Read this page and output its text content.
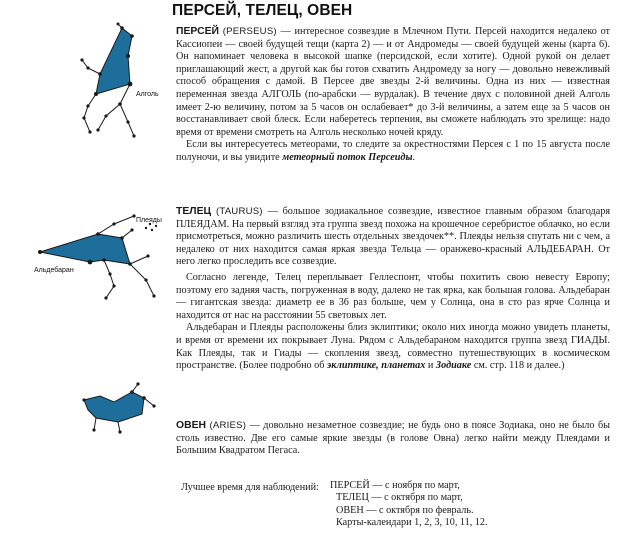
ПЕРСЕЙ, ТЕЛЕЦ, ОВЕН
Алголь
Плеяды
Альдебаран

ПЕРСЕЙ (PERSEUS) — интересное созвездие в Млечном Пути. Персей находится недалеко от Кассиопеи — своей будущей тещи (карта 2) — и от Андромеды — своей будущей жены (карта 6). Он напоминает человека в высокой шапке (персидской, если хотите). Одной рукой он делает приглашающий жест, а другой как бы готов схватить Андромеду за ногу — довольно невежливый способ обращения с дамой. В Персее две звезды 2-й величины. Одна из них — известная переменная звезда АЛГОЛЬ (по-арабски — вурдалак). В течение двух с половиной дней Алголь имеет 2-ю величину, потом за 5 часов он ослабевает* до 3-й величины, а затем еще за 5 часов он восстанавливает свой блеск. Если наберетесь терпения, вы сможете наблюдать это зрелище: надо время от времени смотреть на Алголь несколько ночей кряду.

Если вы интересуетесь метеорами, то следите за окрестностями Персея с 1 по 15 августа после полуночи, и вы увидите метеорный поток Персеиды.

ТЕЛЕЦ (TAURUS) — большое зодиакальное созвездие, известное главным образом благодаря ПЛЕЯДАМ. На первый взгляд эта группа звезд похожа на крошечное серебристое облачко, но если присмотреться, можно различить шесть отдельных звездочек**. Плеяды нельзя спутать ни с чем, а недалеко от них находится самая яркая звезда Тельца — оранжево-красный АЛЬДЕБАРАН. От него легко проследить все созвездие.

Согласно легенде, Телец переплывает Геллеспонт, чтобы похитить свою невесту Европу; поэтому его задняя часть, погруженная в воду, далеко не так ярка, как большая голова. Альдебаран — гигантская звезда: диаметр ее в 36 раз больше, чем у Солнца, она в сто раз ярче Солнца и находится от нас на расстоянии 55 световых лет.

Альдебаран и Плеяды расположены близ эклиптики; около них иногда можно увидеть планеты, и время от времени их покрывает Луна. Рядом с Альдебараном находится группа звезд ГИАДЫ. Как Плеяды, так и Гиады — скопления звезд, совместно путешествующих в космическом пространстве. (Более подробно об эклиптике, планетах и Зодиаке см. стр. 118 и далее.)

ОВЕН (ARIES) — довольно незаметное созвездие; не будь оно в поясе Зодиака, оно не было бы столь известно. Две его самые яркие звезды (в голове Овна) легко найти между Плеядами и Большим Квадратом Пегаса.

Лучшее время для наблюдений: ПЕРСЕЙ — с ноября по март,
ТЕЛЕЦ — с октября по март,
ОВЕН — с октября по февраль.
Карты-календари 1, 2, 3, 10, 11, 12.
